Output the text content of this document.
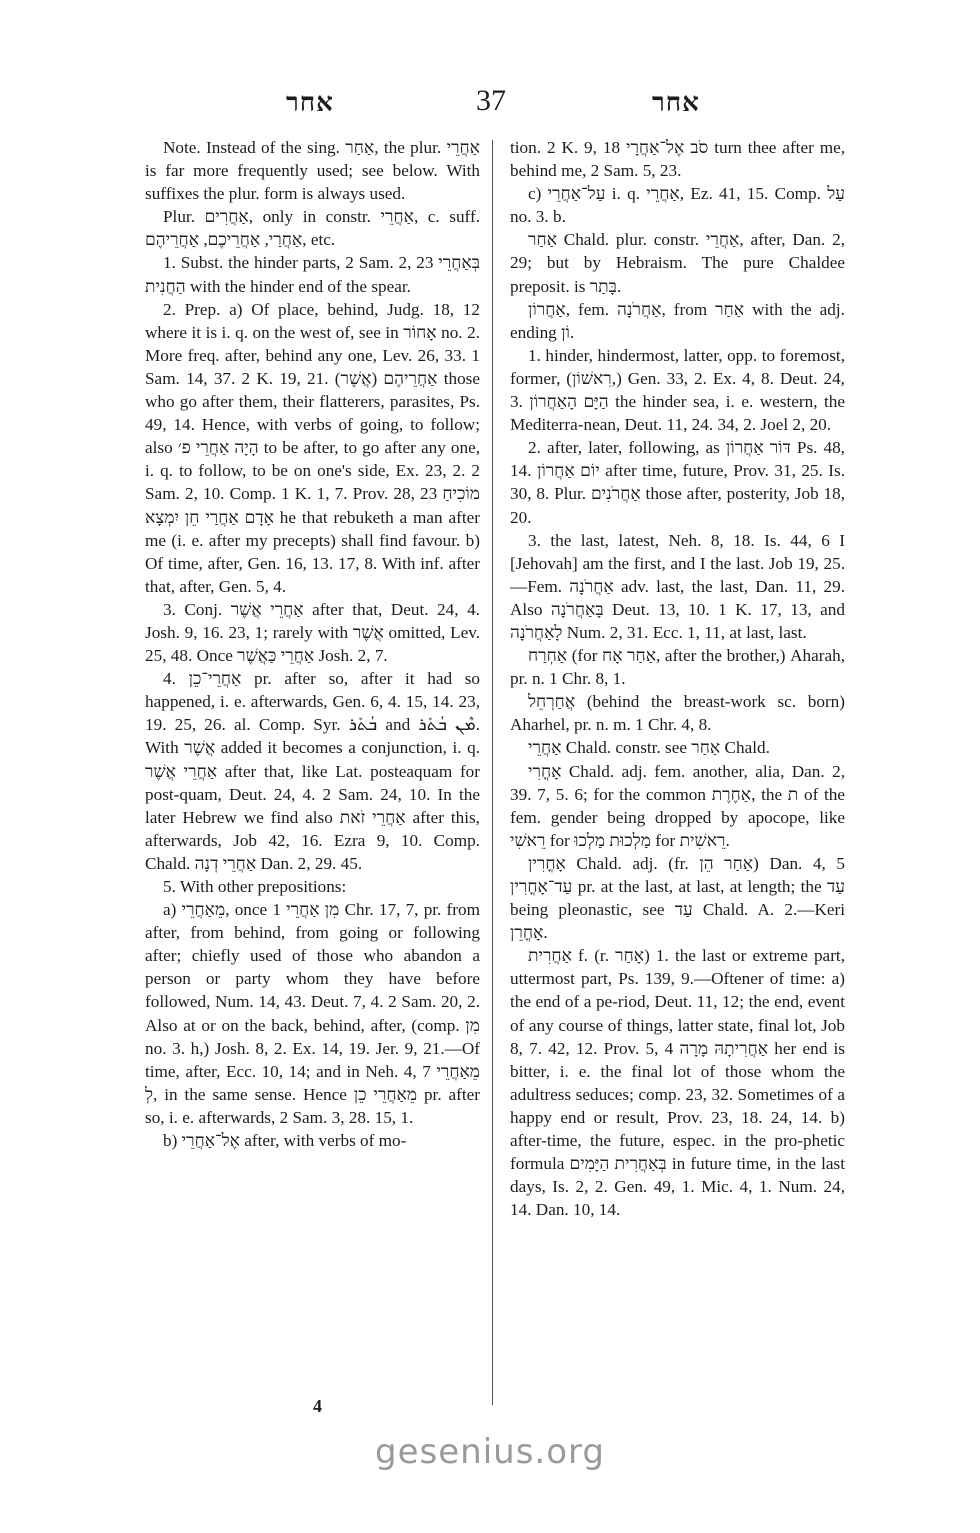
אחר	37	אחר

Note. Instead of the sing. אַחַר, the plur. אַחֲרֵי is far more frequently used; see below. With suffixes the plur. form is always used.

Plur. אַחֲרִים, only in constr. אַחֲרֵי, c. suff. אַחֲרַי, אַחֲרֵיכֶם, אַחֲרֵיהֶם, etc.

1. Subst. the hinder parts, 2 Sam. 2, 23 בְּאַחֲרֵי הַחֲנִית with the hinder end of the spear.

2. Prep. a) Of place, behind, Judg. 18, 12 where it is i. q. on the west of, see in אָחוֹר no. 2. More freq. after, behind any one, Lev. 26, 33. 1 Sam. 14, 37. 2 K. 19, 21. (אֲשֶׁר) אַחֲרֵיהֶם those who go after them, their flatterers, parasites, Ps. 49, 14. Hence, with verbs of going, to follow; also הָיָה אַחֲרֵי פ׳ to be after, to go after any one, i. q. to follow, to be on one's side, Ex. 23, 2. 2 Sam. 2, 10. Comp. 1 K. 1, 7. Prov. 28, 23 מוֹכִיחַ אָדָם אַחֲרַי חֵן יִמְצָא he that rebuketh a man after me (i. e. after my precepts) shall find favour. b) Of time, after, Gen. 16, 13. 17, 8. With inf. after that, after, Gen. 5, 4.

3. Conj. אַחֲרֵי אֲשֶׁר after that, Deut. 24, 4. Josh. 9, 16. 23, 1; rarely with אֲשֶׁר omitted, Lev. 25, 48. Once אַחֲרֵי כַּאֲשֶׁר Josh. 2, 7.

4. אַחֲרֵי־כֵן pr. after so, after it had so happened, i. e. afterwards, Gen. 6, 4. 15, 14. 23, 19. 25, 26. al. Comp. Syr. ܒܳܬܰܪ and ܡܶܢ ܒܳܬܰܪ. With אֲשֶׁר added it becomes a conjunction, i. q. אַחֲרֵי אֲשֶׁר after that, like Lat. posteaquam for post-quam, Deut. 24, 4. 2 Sam. 24, 10. In the later Hebrew we find also אַחֲרֵי זֹאת after this, afterwards, Job 42, 16. Ezra 9, 10. Comp. Chald. אַחֲרֵי דְנָה Dan. 2, 29. 45.

5. With other prepositions:

a) מֵאַחֲרֵי, once מִן אַחֲרֵי 1 Chr. 17, 7, pr. from after, from behind, from going or following after; chiefly used of those who abandon a person or party whom they have before followed, Num. 14, 43. Deut. 7, 4. 2 Sam. 20, 2. Also at or on the back, behind, after, (comp. מִן no. 3. h,) Josh. 8, 2. Ex. 14, 19. Jer. 9, 21.—Of time, after, Ecc. 10, 14; and in Neh. 4, 7 מֵאַחֲרֵי לְ, in the same sense. Hence מֵאַחֲרֵי כֵן pr. after so, i. e. afterwards, 2 Sam. 3, 28. 15, 1.

b) אֶל־אַחֲרֵי after, with verbs of mo-

tion. 2 K. 9, 18 סֹב אֶל־אַחֲרָי turn thee after me, behind me, 2 Sam. 5, 23.

c) עַל־אַחֲרֵי i. q. אַחֲרֵי, Ez. 41, 15. Comp. עַל no. 3. b.

אַחַר Chald. plur. constr. אַחֲרֵי, after, Dan. 2, 29; but by Hebraism. The pure Chaldee preposit. is בָּתַר.

אַחֲרוֹן, fem. אַחֲרֹנָה, from אַחַר with the adj. ending וֹן.

1. hinder, hindermost, latter, opp. to foremost, former, (רִאשׁוֹן,) Gen. 33, 2. Ex. 4, 8. Deut. 24, 3. הַיָּם הָאַחֲרוֹן the hinder sea, i. e. western, the Mediterra-nean, Deut. 11, 24. 34, 2. Joel 2, 20.

2. after, later, following, as דּוֹר אַחֲרוֹן Ps. 48, 14. יוֹם אַחֲרוֹן after time, future, Prov. 31, 25. Is. 30, 8. Plur. אַחֲרֹנִים those after, posterity, Job 18, 20.

3. the last, latest, Neh. 8, 18. Is. 44, 6 I [Jehovah] am the first, and I the last. Job 19, 25.—Fem. אַחֲרֹנָה adv. last, the last, Dan. 11, 29. Also בָּאַחֲרֹנָה Deut. 13, 10. 1 K. 17, 13, and לָאַחֲרֹנָה Num. 2, 31. Ecc. 1, 11, at last, last.

אַחְרַח (for אַחַר אָח, after the brother,) Aharah, pr. n. 1 Chr. 8, 1.

אֲחַרְחֵל (behind the breast-work sc. born) Aharhel, pr. n. m. 1 Chr. 4, 8.

אַחֲרֵי Chald. constr. see אַחַר Chald.

אָחֳרִי Chald. adj. fem. another, alia, Dan. 2, 39. 7, 5. 6; for the common אַחֶרֶת, the ת of the fem. gender being dropped by apocope, like רֵאשִׁי for מַלְכוּת מַלְכוּ for רֵאשִׁית.

אָחֳרִין Chald. adj. (fr. אַחַר הֵן) Dan. 4, 5 עַד־אָחֳרִין pr. at the last, at last, at length; the עַד being pleonastic, see עַד Chald. A. 2.—Keri אָחֳרֵן.

אַחֲרִית f. (r. אָחַר) 1. the last or extreme part, uttermost part, Ps. 139, 9.—Oftener of time: a) the end of a pe-riod, Deut. 11, 12; the end, event of any course of things, latter state, final lot, Job 8, 7. 42, 12. Prov. 5, 4 אַחֲרִיתָהּ מָרָה her end is bitter, i. e. the final lot of those whom the adultress seduces; comp. 23, 32. Sometimes of a happy end or result, Prov. 23, 18. 24, 14. b) after-time, the future, espec. in the pro-phetic formula בְּאַחֲרִית הַיָּמִים in future time, in the last days, Is. 2, 2. Gen. 49, 1. Mic. 4, 1. Num. 24, 14. Dan. 10, 14.

4
gesenius.org
